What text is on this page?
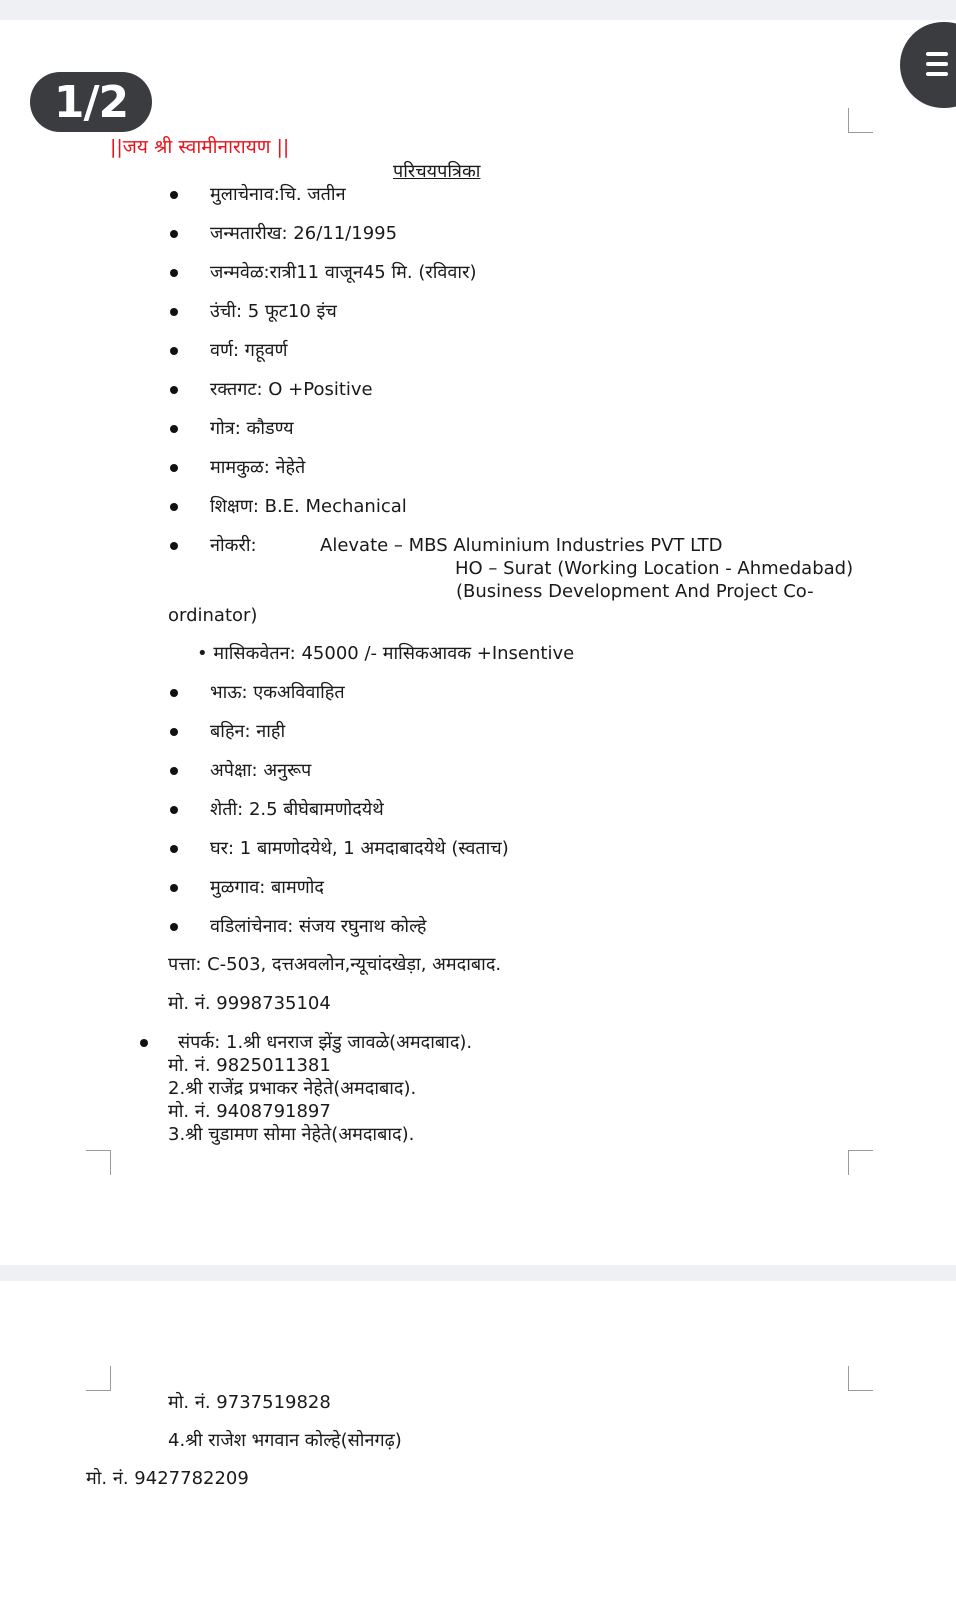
1/2
||जय श्री स्वामीनारायण ||
परिचयपत्रिका
मुलाचेनाव:चि. जतीन
जन्मतारीख: 26/11/1995
जन्मवेळ:रात्री11 वाजून45 मि. (रविवार)
उंची: 5 फूट10 इंच
वर्ण: गहूवर्ण
रक्तगट: O +Positive
गोत्र: कौडण्य
मामकुळ: नेहेते
शिक्षण: B.E. Mechanical
नोकरी:	Alevate – MBS Aluminium Industries PVT LTD
HO – Surat (Working Location - Ahmedabad)
(Business Development And Project Co-
ordinator)
• मासिकवेतन: 45000 /- मासिकआवक +Insentive
भाऊ: एकअविवाहित
बहिन: नाही
अपेक्षा: अनुरूप
शेती: 2.5 बीघेबामणोदयेथे
घर: 1 बामणोदयेथे, 1 अमदाबादयेथे (स्वताच)
मुळगाव: बामणोद
वडिलांचेनाव: संजय रघुनाथ कोल्हे
पत्ता: C-503, दत्तअवलोन,न्यूचांदखेड़ा, अमदाबाद.
मो. नं. 9998735104
संपर्क: 1.श्री धनराज झेंडु जावळे(अमदाबाद).
मो. नं. 9825011381
2.श्री राजेंद्र प्रभाकर नेहेते(अमदाबाद).
मो. नं. 9408791897
3.श्री चुडामण सोमा नेहेते(अमदाबाद).
मो. नं. 9737519828
4.श्री राजेश भगवान कोल्हे(सोनगढ़)
मो. नं. 9427782209
